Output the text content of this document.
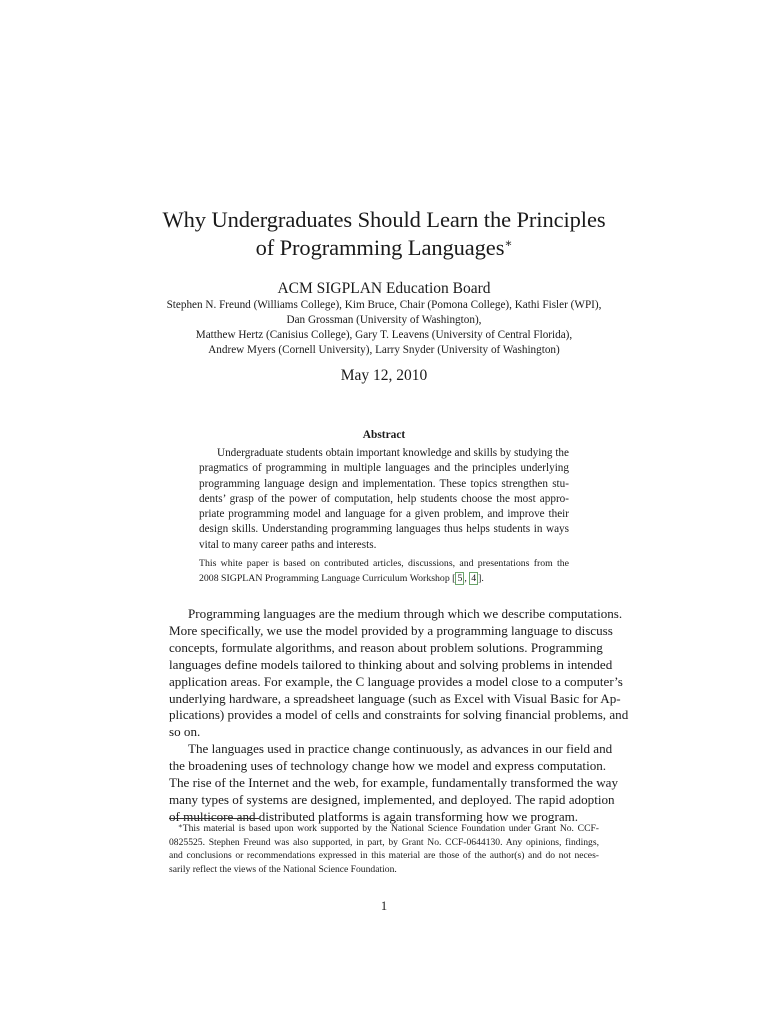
Why Undergraduates Should Learn the Principles
of Programming Languages∗
ACM SIGPLAN Education Board
Stephen N. Freund (Williams College), Kim Bruce, Chair (Pomona College), Kathi Fisler (WPI),
Dan Grossman (University of Washington),
Matthew Hertz (Canisius College), Gary T. Leavens (University of Central Florida),
Andrew Myers (Cornell University), Larry Snyder (University of Washington)
May 12, 2010
Abstract
Undergraduate students obtain important knowledge and skills by studying the
pragmatics of programming in multiple languages and the principles underlying
programming language design and implementation. These topics strengthen stu-
dents’ grasp of the power of computation, help students choose the most appro-
priate programming model and language for a given problem, and improve their
design skills. Understanding programming languages thus helps students in ways
vital to many career paths and interests.
This white paper is based on contributed articles, discussions, and presentations from the
2008 SIGPLAN Programming Language Curriculum Workshop [ 5 , 4 ].
Programming languages are the medium through which we describe computations.
More specifically, we use the model provided by a programming language to discuss
concepts, formulate algorithms, and reason about problem solutions. Programming
languages define models tailored to thinking about and solving problems in intended
application areas. For example, the C language provides a model close to a computer’s
underlying hardware, a spreadsheet language (such as Excel with Visual Basic for Ap-
plications) provides a model of cells and constraints for solving financial problems, and
so on.
The languages used in practice change continuously, as advances in our field and
the broadening uses of technology change how we model and express computation.
The rise of the Internet and the web, for example, fundamentally transformed the way
many types of systems are designed, implemented, and deployed. The rapid adoption
of multicore and distributed platforms is again transforming how we program.
∗This material is based upon work supported by the National Science Foundation under Grant No. CCF-
0825525. Stephen Freund was also supported, in part, by Grant No. CCF-0644130. Any opinions, findings,
and conclusions or recommendations expressed in this material are those of the author(s) and do not neces-
sarily reflect the views of the National Science Foundation.
1
